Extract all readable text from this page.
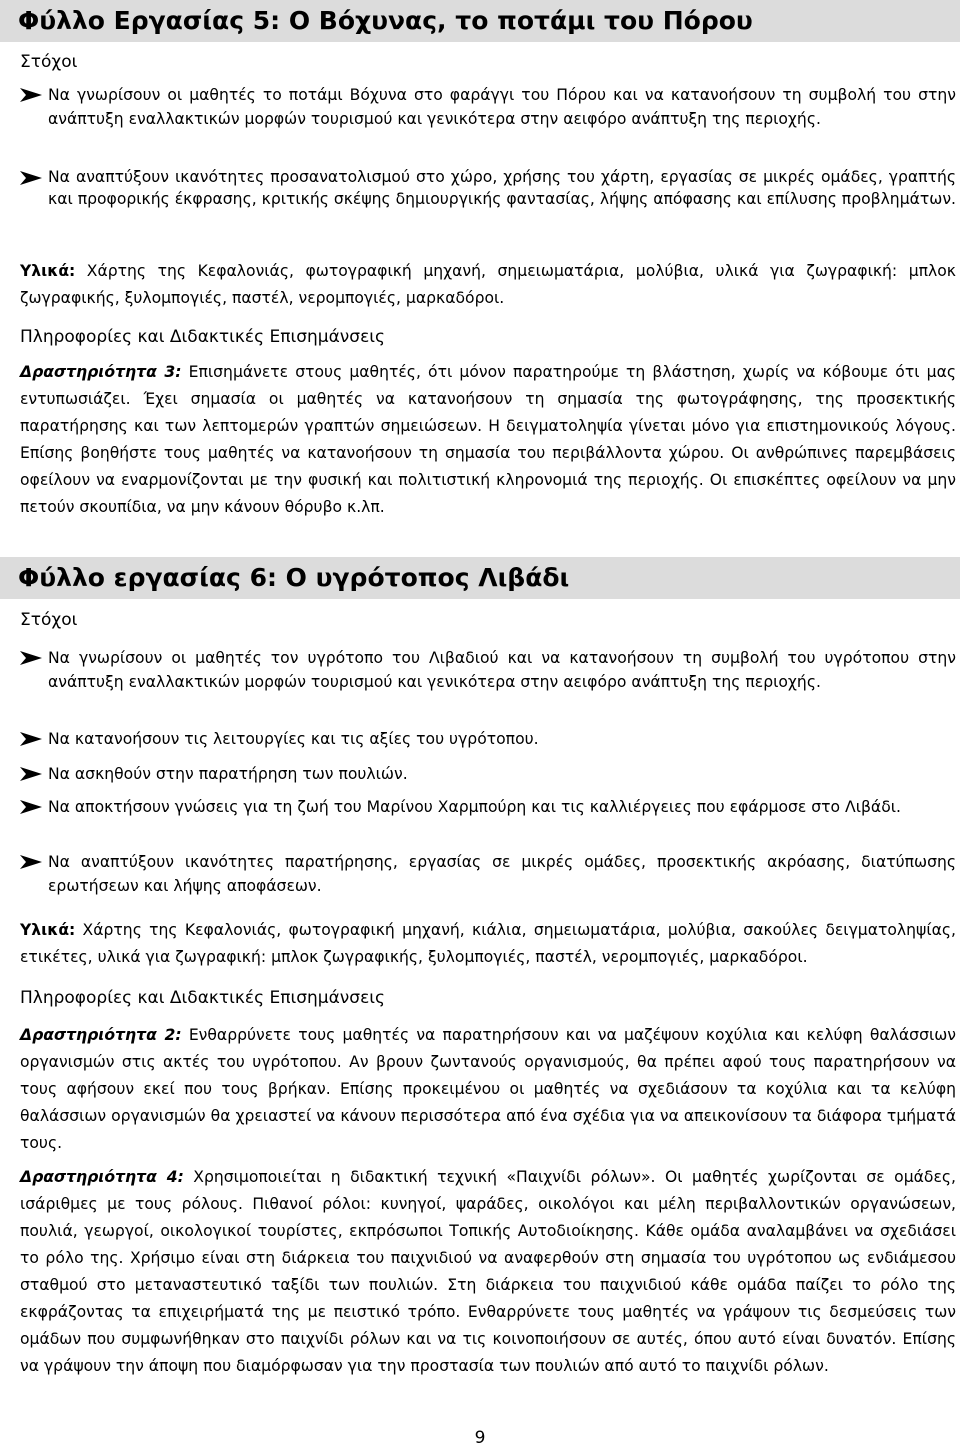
Φύλλο Εργασίας 5: Ο Βόχυνας, το ποτάμι του Πόρου
Στόχοι
Να γνωρίσουν οι μαθητές το ποτάμι Βόχυνα στο φαράγγι του Πόρου και να κατανοήσουν τη συμβολή του στην ανάπτυξη εναλλακτικών μορφών τουρισμού και γενικότερα στην αειφόρο ανάπτυξη της περιοχής.
Να αναπτύξουν ικανότητες προσανατολισμού στο χώρο, χρήσης του χάρτη, εργασίας σε μικρές ομάδες, γραπτής και προφορικής έκφρασης, κριτικής σκέψης δημιουργικής φαντασίας, λήψης απόφασης και επίλυσης προβλημάτων.
Υλικά: Χάρτης της Κεφαλονιάς, φωτογραφική μηχανή, σημειωματάρια, μολύβια, υλικά για ζωγραφική: μπλοκ ζωγραφικής, ξυλομπογιές, παστέλ, νερομπογιές, μαρκαδόροι.
Πληροφορίες και Διδακτικές Επισημάνσεις
Δραστηριότητα 3: Επισημάνετε στους μαθητές, ότι μόνον παρατηρούμε τη βλάστηση, χωρίς να κόβουμε ότι μας εντυπωσιάζει. Έχει σημασία οι μαθητές να κατανοήσουν τη σημασία της φωτογράφησης, της προσεκτικής παρατήρησης και των λεπτομερών γραπτών σημειώσεων. Η δειγματοληψία γίνεται μόνο για επιστημονικούς λόγους. Επίσης βοηθήστε τους μαθητές να κατανοήσουν τη σημασία του περιβάλλοντα χώρου. Οι ανθρώπινες παρεμβάσεις οφείλουν να εναρμονίζονται με την φυσική και πολιτιστική κληρονομιά της περιοχής. Οι επισκέπτες οφείλουν να μην πετούν σκουπίδια, να μην κάνουν θόρυβο κ.λπ.
Φύλλο εργασίας 6: Ο υγρότοπος Λιβάδι
Στόχοι
Να γνωρίσουν οι μαθητές τον υγρότοπο του Λιβαδιού και να κατανοήσουν τη συμβολή του υγρότοπου στην ανάπτυξη εναλλακτικών μορφών τουρισμού και γενικότερα στην αειφόρο ανάπτυξη της περιοχής.
Να κατανοήσουν τις λειτουργίες και τις αξίες του υγρότοπου.
Να ασκηθούν στην παρατήρηση των πουλιών.
Να αποκτήσουν γνώσεις για τη ζωή του Μαρίνου Χαρμπούρη και τις καλλιέργειες που εφάρμοσε στο Λιβάδι.
Να αναπτύξουν ικανότητες παρατήρησης, εργασίας σε μικρές ομάδες, προσεκτικής ακρόασης, διατύπωσης ερωτήσεων και λήψης αποφάσεων.
Υλικά: Χάρτης της Κεφαλονιάς, φωτογραφική μηχανή, κιάλια, σημειωματάρια, μολύβια, σακούλες δειγματοληψίας, ετικέτες, υλικά για ζωγραφική: μπλοκ ζωγραφικής, ξυλομπογιές, παστέλ, νερομπογιές, μαρκαδόροι.
Πληροφορίες και Διδακτικές Επισημάνσεις
Δραστηριότητα 2: Ενθαρρύνετε τους μαθητές να παρατηρήσουν και να μαζέψουν κοχύλια και κελύφη θαλάσσιων οργανισμών στις ακτές του υγρότοπου. Αν βρουν ζωντανούς οργανισμούς, θα πρέπει αφού τους παρατηρήσουν να τους αφήσουν εκεί που τους βρήκαν. Επίσης προκειμένου οι μαθητές να σχεδιάσουν τα κοχύλια και τα κελύφη θαλάσσιων οργανισμών θα χρειαστεί να κάνουν περισσότερα από ένα σχέδια για να απεικονίσουν τα διάφορα τμήματά τους.
Δραστηριότητα 4: Χρησιμοποιείται η διδακτική τεχνική «Παιχνίδι ρόλων». Οι μαθητές χωρίζονται σε ομάδες, ισάριθμες με τους ρόλους. Πιθανοί ρόλοι: κυνηγοί, ψαράδες, οικολόγοι και μέλη περιβαλλοντικών οργανώσεων, πουλιά, γεωργοί, οικολογικοί τουρίστες, εκπρόσωποι Τοπικής Αυτοδιοίκησης. Κάθε ομάδα αναλαμβάνει να σχεδιάσει το ρόλο της. Χρήσιμο είναι στη διάρκεια του παιχνιδιού να αναφερθούν στη σημασία του υγρότοπου ως ενδιάμεσου σταθμού στο μεταναστευτικό ταξίδι των πουλιών. Στη διάρκεια του παιχνιδιού κάθε ομάδα παίζει το ρόλο της εκφράζοντας τα επιχειρήματά της με πειστικό τρόπο. Ενθαρρύνετε τους μαθητές να γράψουν τις δεσμεύσεις των ομάδων που συμφωνήθηκαν στο παιχνίδι ρόλων και να τις κοινοποιήσουν σε αυτές, όπου αυτό είναι δυνατόν. Επίσης να γράψουν την άποψη που διαμόρφωσαν για την προστασία των πουλιών από αυτό το παιχνίδι ρόλων.
9
